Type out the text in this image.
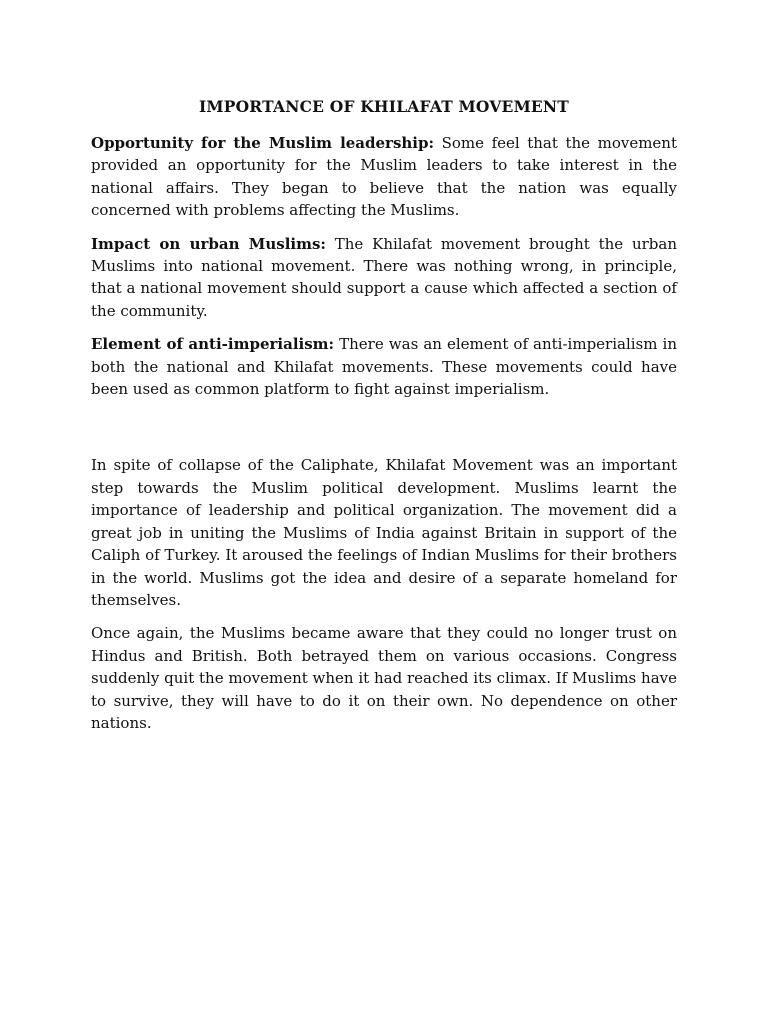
IMPORTANCE OF KHILAFAT MOVEMENT

Opportunity for the Muslim leadership: Some feel that the movement provided an opportunity for the Muslim leaders to take interest in the national affairs. They began to believe that the nation was equally concerned with problems affecting the Muslims.

Impact on urban Muslims: The Khilafat movement brought the urban Muslims into national movement. There was nothing wrong, in principle, that a national movement should support a cause which affected a section of the community.

Element of anti-imperialism: There was an element of anti-imperialism in both the national and Khilafat movements. These movements could have been used as common platform to fight against imperialism.

In spite of collapse of the Caliphate, Khilafat Movement was an important step towards the Muslim political development. Muslims learnt the importance of leadership and political organization. The movement did a great job in uniting the Muslims of India against Britain in support of the Caliph of Turkey. It aroused the feelings of Indian Muslims for their brothers in the world. Muslims got the idea and desire of a separate homeland for themselves.

Once again, the Muslims became aware that they could no longer trust on Hindus and British. Both betrayed them on various occasions. Congress suddenly quit the movement when it had reached its climax. If Muslims have to survive, they will have to do it on their own. No dependence on other nations.
